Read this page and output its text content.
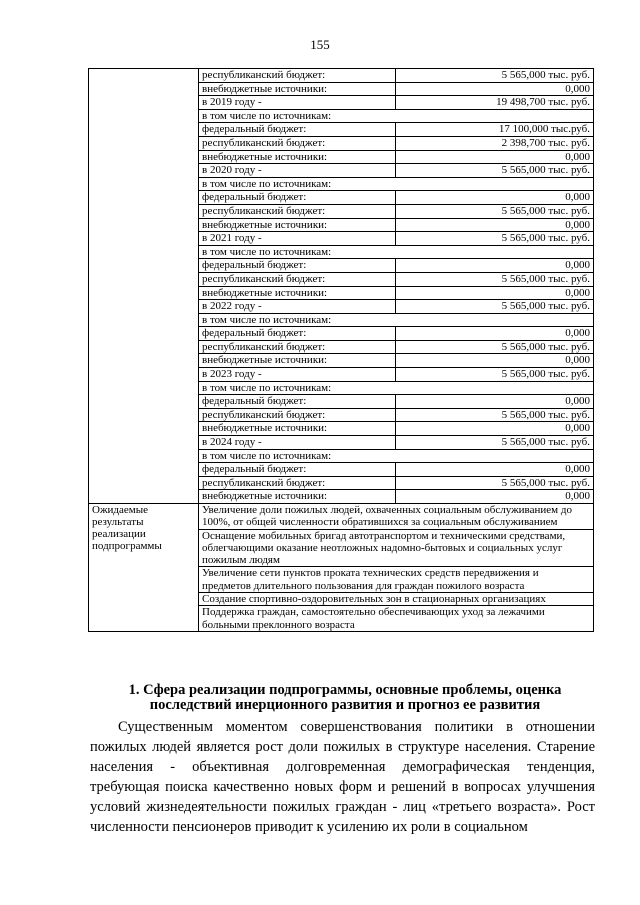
155
	республиканский бюджет:	5 565,000 тыс. руб.
	внебюджетные источники:	0,000
	в 2019 году -	19 498,700 тыс. руб.
	в том числе по источникам:	
	федеральный бюджет:	17 100,000 тыс.руб.
	республиканский бюджет:	2 398,700 тыс. руб.
	внебюджетные источники:	0,000
	в 2020 году -	5 565,000 тыс. руб.
	в том числе по источникам:	
	федеральный бюджет:	0,000
	республиканский бюджет:	5 565,000 тыс. руб.
	внебюджетные источники:	0,000
	в 2021 году -	5 565,000 тыс. руб.
	в том числе по источникам:	
	федеральный бюджет:	0,000
	республиканский бюджет:	5 565,000 тыс. руб.
	внебюджетные источники:	0,000
	в 2022 году -	5 565,000 тыс. руб.
	в том числе по источникам:	
	федеральный бюджет:	0,000
	республиканский бюджет:	5 565,000 тыс. руб.
	внебюджетные источники:	0,000
	в 2023 году -	5 565,000 тыс. руб.
	в том числе по источникам:	
	федеральный бюджет:	0,000
	республиканский бюджет:	5 565,000 тыс. руб.
	внебюджетные источники:	0,000
	в 2024 году -	5 565,000 тыс. руб.
	в том числе по источникам:	
	федеральный бюджет:	0,000
	республиканский бюджет:	5 565,000 тыс. руб.
	внебюджетные источники:	0,000
Ожидаемые результаты реализации подпрограммы	Увеличение доли пожилых людей, охваченных социальным обслуживанием до 100%, от общей численности обратившихся за социальным обслуживанием	
	Оснащение мобильных бригад автотранспортом и техническими средствами, облегчающими оказание неотложных надомно-бытовых и социальных услуг пожилым людям	
	Увеличение сети пунктов проката технических средств передвижения и предметов длительного пользования для граждан пожилого возраста	
	Создание спортивно-оздоровительных зон в стационарных организациях	
	Поддержка граждан, самостоятельно обеспечивающих уход за лежачими больными преклонного возраста	
1. Сфера реализации подпрограммы, основные проблемы, оценка последствий инерционного развития и прогноз ее развития

Существенным моментом совершенствования политики в отношении пожилых людей является рост доли пожилых в структуре населения. Старение населения - объективная долговременная демографическая тенденция, требующая поиска качественно новых форм и решений в вопросах улучшения условий жизнедеятельности пожилых граждан - лиц «третьего возраста». Рост численности пенсионеров приводит к усилению их роли в социальном
